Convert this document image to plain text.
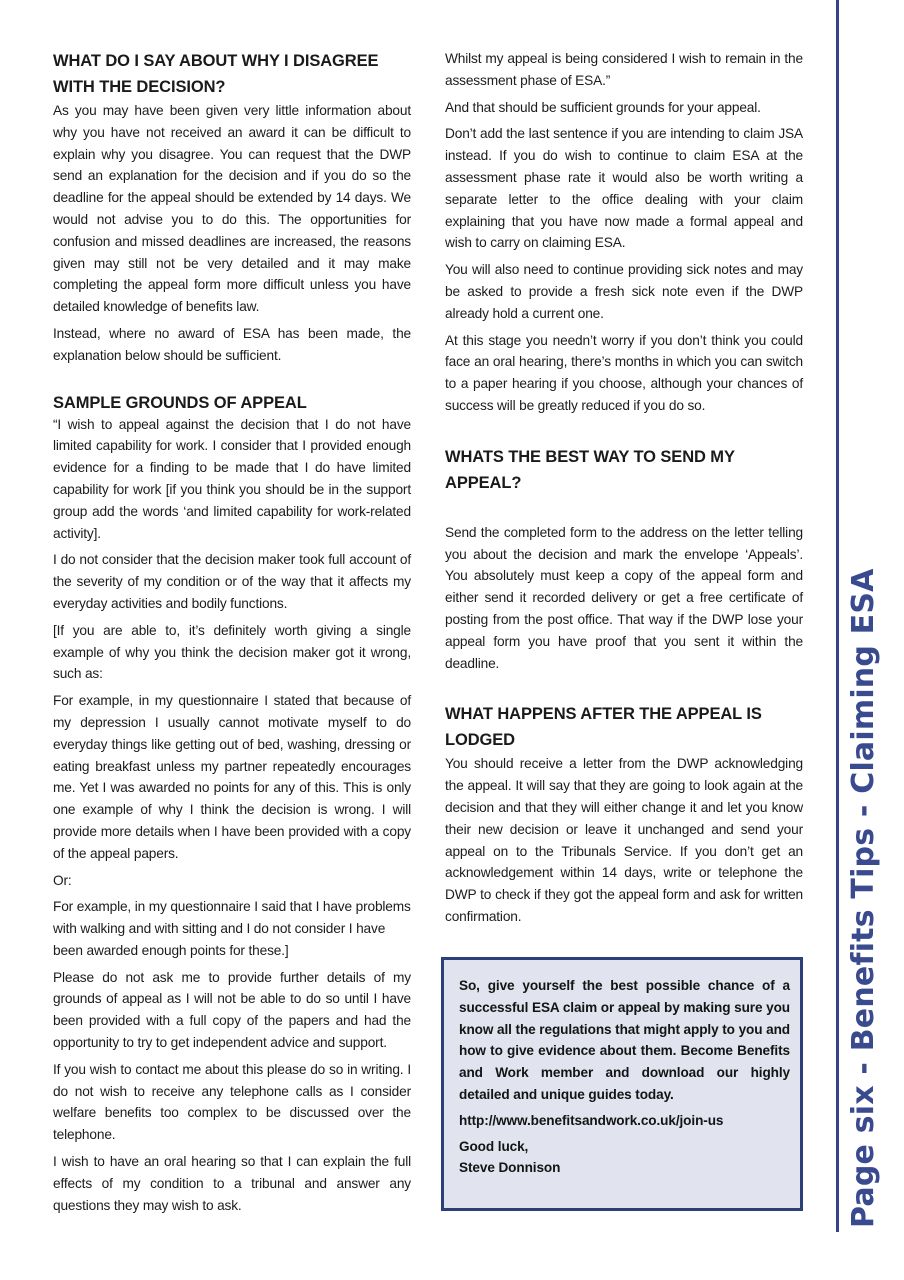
WHAT DO I SAY ABOUT WHY I DISAGREE WITH THE DECISION?

As you may have been given very little information about why you have not received an award it can be difficult to explain why you disagree. You can request that the DWP send an explanation for the decision and if you do so the deadline for the appeal should be extended by 14 days. We would not advise you to do this. The opportunities for confusion and missed deadlines are increased, the reasons given may still not be very detailed and it may make completing the appeal form more difficult unless you have detailed knowledge of benefits law.

Instead, where no award of ESA has been made, the explanation below should be sufficient.

SAMPLE GROUNDS OF APPEAL

“I wish to appeal against the decision that I do not have limited capability for work. I consider that I provided enough evidence for a finding to be made that I do have limited capability for work [if you think you should be in the support group add the words ‘and limited capability for work-related activity].

I do not consider that the decision maker took full account of the severity of my condition or of the way that it affects my everyday activities and bodily functions.

[If you are able to, it’s definitely worth giving a single example of why you think the decision maker got it wrong, such as:

For example, in my questionnaire I stated that because of my depression I usually cannot motivate myself to do everyday things like getting out of bed, washing, dressing or eating breakfast unless my partner repeatedly encourages me. Yet I was awarded no points for any of this. This is only one example of why I think the decision is wrong. I will provide more details when I have been provided with a copy of the appeal papers.

Or:

For example, in my questionnaire I said that I have problems with walking and with sitting and I do not consider I have been awarded enough points for these.]

Please do not ask me to provide further details of my grounds of appeal as I will not be able to do so until I have been provided with a full copy of the papers and had the opportunity to try to get independent advice and support.

If you wish to contact me about this please do so in writing. I do not wish to receive any telephone calls as I consider welfare benefits too complex to be discussed over the telephone.

I wish to have an oral hearing so that I can explain the full effects of my condition to a tribunal and answer any questions they may wish to ask.

Whilst my appeal is being considered I wish to remain in the assessment phase of ESA.”

And that should be sufficient grounds for your appeal.

Don’t add the last sentence if you are intending to claim JSA instead. If you do wish to continue to claim ESA at the assessment phase rate it would also be worth writing a separate letter to the office dealing with your claim explaining that you have now made a formal appeal and wish to carry on claiming ESA.

You will also need to continue providing sick notes and may be asked to provide a fresh sick note even if the DWP already hold a current one.

At this stage you needn’t worry if you don’t think you could face an oral hearing, there’s months in which you can switch to a paper hearing if you choose, although your chances of success will be greatly reduced if you do so.

WHATS THE BEST WAY TO SEND MY APPEAL?

Send the completed form to the address on the letter telling you about the decision and mark the envelope ‘Appeals’. You absolutely must keep a copy of the appeal form and either send it recorded delivery or get a free certificate of posting from the post office. That way if the DWP lose your appeal form you have proof that you sent it within the deadline.

WHAT HAPPENS AFTER THE APPEAL IS LODGED

You should receive a letter from the DWP acknowledging the appeal. It will say that they are going to look again at the decision and that they will either change it and let you know their new decision or leave it unchanged and send your appeal on to the Tribunals Service. If you don’t get an acknowledgement within 14 days, write or telephone the DWP to check if they got the appeal form and ask for written confirmation.

So, give yourself the best possible chance of a successful ESA claim or appeal by making sure you know all the regulations that might apply to you and how to give evidence about them. Become Benefits and Work member and download our highly detailed and unique guides today.

http://www.benefitsandwork.co.uk/join-us

Good luck,

Steve Donnison	Page six - Benefits Tips - Claiming ESA
